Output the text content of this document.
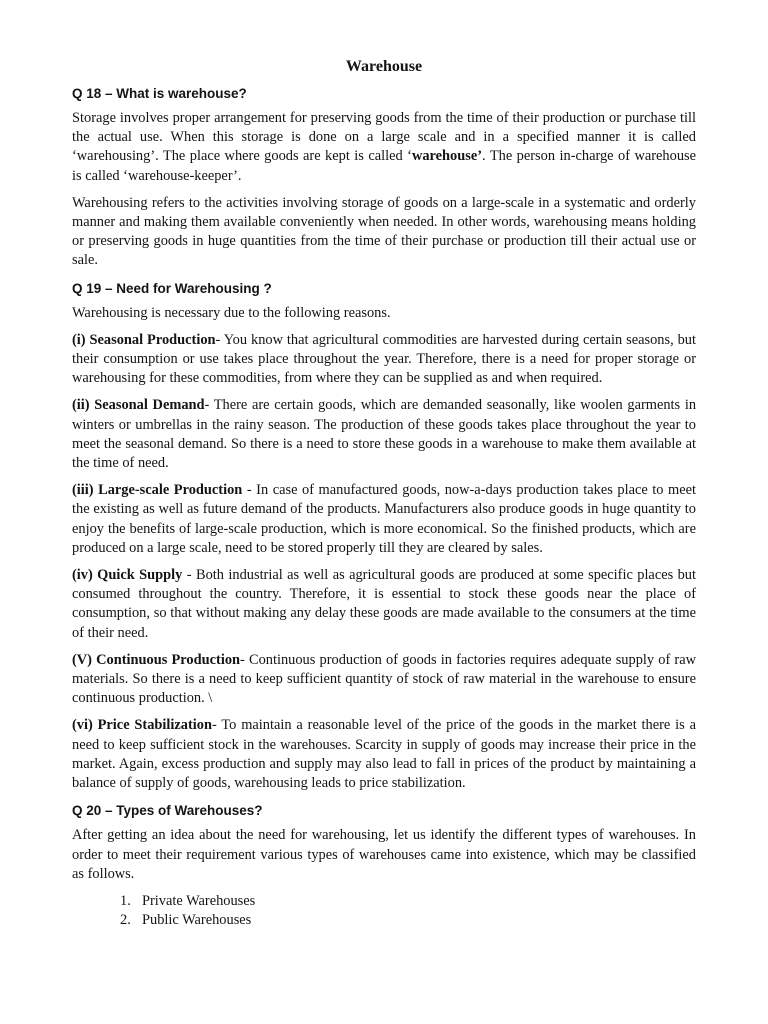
Warehouse
Q 18 – What is warehouse?

Storage involves proper arrangement for preserving goods from the time of their production or purchase till the actual use. When this storage is done on a large scale and in a specified manner it is called ‘warehousing’. The place where goods are kept is called ‘warehouse’. The person in-charge of warehouse is called ‘warehouse-keeper’.

Warehousing refers to the activities involving storage of goods on a large-scale in a systematic and orderly manner and making them available conveniently when needed. In other words, warehousing means holding or preserving goods in huge quantities from the time of their purchase or production till their actual use or sale.

Q 19 – Need for Warehousing ?

Warehousing is necessary due to the following reasons.

(i) Seasonal Production- You know that agricultural commodities are harvested during certain seasons, but their consumption or use takes place throughout the year. Therefore, there is a need for proper storage or warehousing for these commodities, from where they can be supplied as and when required.

(ii) Seasonal Demand- There are certain goods, which are demanded seasonally, like woolen garments in winters or umbrellas in the rainy season. The production of these goods takes place throughout the year to meet the seasonal demand. So there is a need to store these goods in a warehouse to make them available at the time of need.

(iii) Large-scale Production - In case of manufactured goods, now-a-days production takes place to meet the existing as well as future demand of the products. Manufacturers also produce goods in huge quantity to enjoy the benefits of large-scale production, which is more economical. So the finished products, which are produced on a large scale, need to be stored properly till they are cleared by sales.

(iv) Quick Supply - Both industrial as well as agricultural goods are produced at some specific places but consumed throughout the country. Therefore, it is essential to stock these goods near the place of consumption, so that without making any delay these goods are made available to the consumers at the time of their need.

(V) Continuous Production- Continuous production of goods in factories requires adequate supply of raw materials. So there is a need to keep sufficient quantity of stock of raw material in the warehouse to ensure continuous production. \

(vi) Price Stabilization- To maintain a reasonable level of the price of the goods in the market there is a need to keep sufficient stock in the warehouses. Scarcity in supply of goods may increase their price in the market. Again, excess production and supply may also lead to fall in prices of the product by maintaining a balance of supply of goods, warehousing leads to price stabilization.

Q 20 – Types of Warehouses?

After getting an idea about the need for warehousing, let us identify the different types of warehouses. In order to meet their requirement various types of warehouses came into existence, which may be classified as follows.

1. Private Warehouses
2. Public Warehouses
